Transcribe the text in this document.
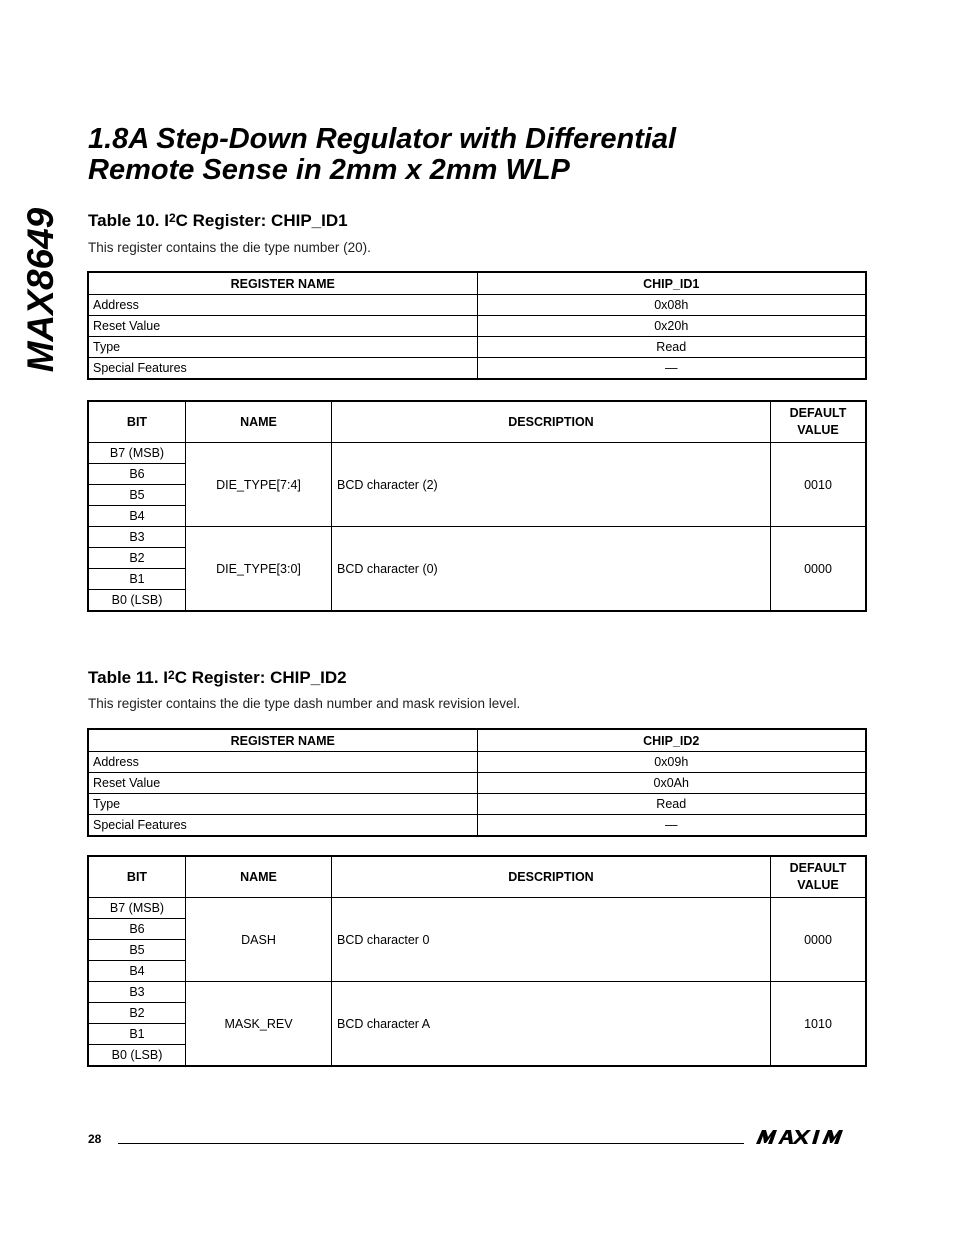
MAX8649
1.8A Step-Down Regulator with Differential
Remote Sense in 2mm x 2mm WLP
Table 10. $I^2C$ Register: CHIP_ID1
This register contains the die type number (20).
REGISTER NAME	CHIP_ID1
Address	0x08h
Reset Value	0x20h
Type	Read
Special Features	—
BIT	NAME	DESCRIPTION	DEFAULT
VALUE
B7 (MSB)	DIE_TYPE[7:4]	BCD character (2)	0010
B6			
B5			
B4			
B3	DIE_TYPE[3:0]	BCD character (0)	0000
B2			
B1			
B0 (LSB)			
Table 11. $I^2C$ Register: CHIP_ID2
This register contains the die type dash number and mask revision level.
REGISTER NAME	CHIP_ID2
Address	0x09h
Reset Value	0x0Ah
Type	Read
Special Features	—
BIT	NAME	DESCRIPTION	DEFAULT
VALUE
B7 (MSB)	DASH	BCD character 0	0000
B6			
B5			
B4			
B3	MASK_REV	BCD character A	1010
B2			
B1			
B0 (LSB)			
28
